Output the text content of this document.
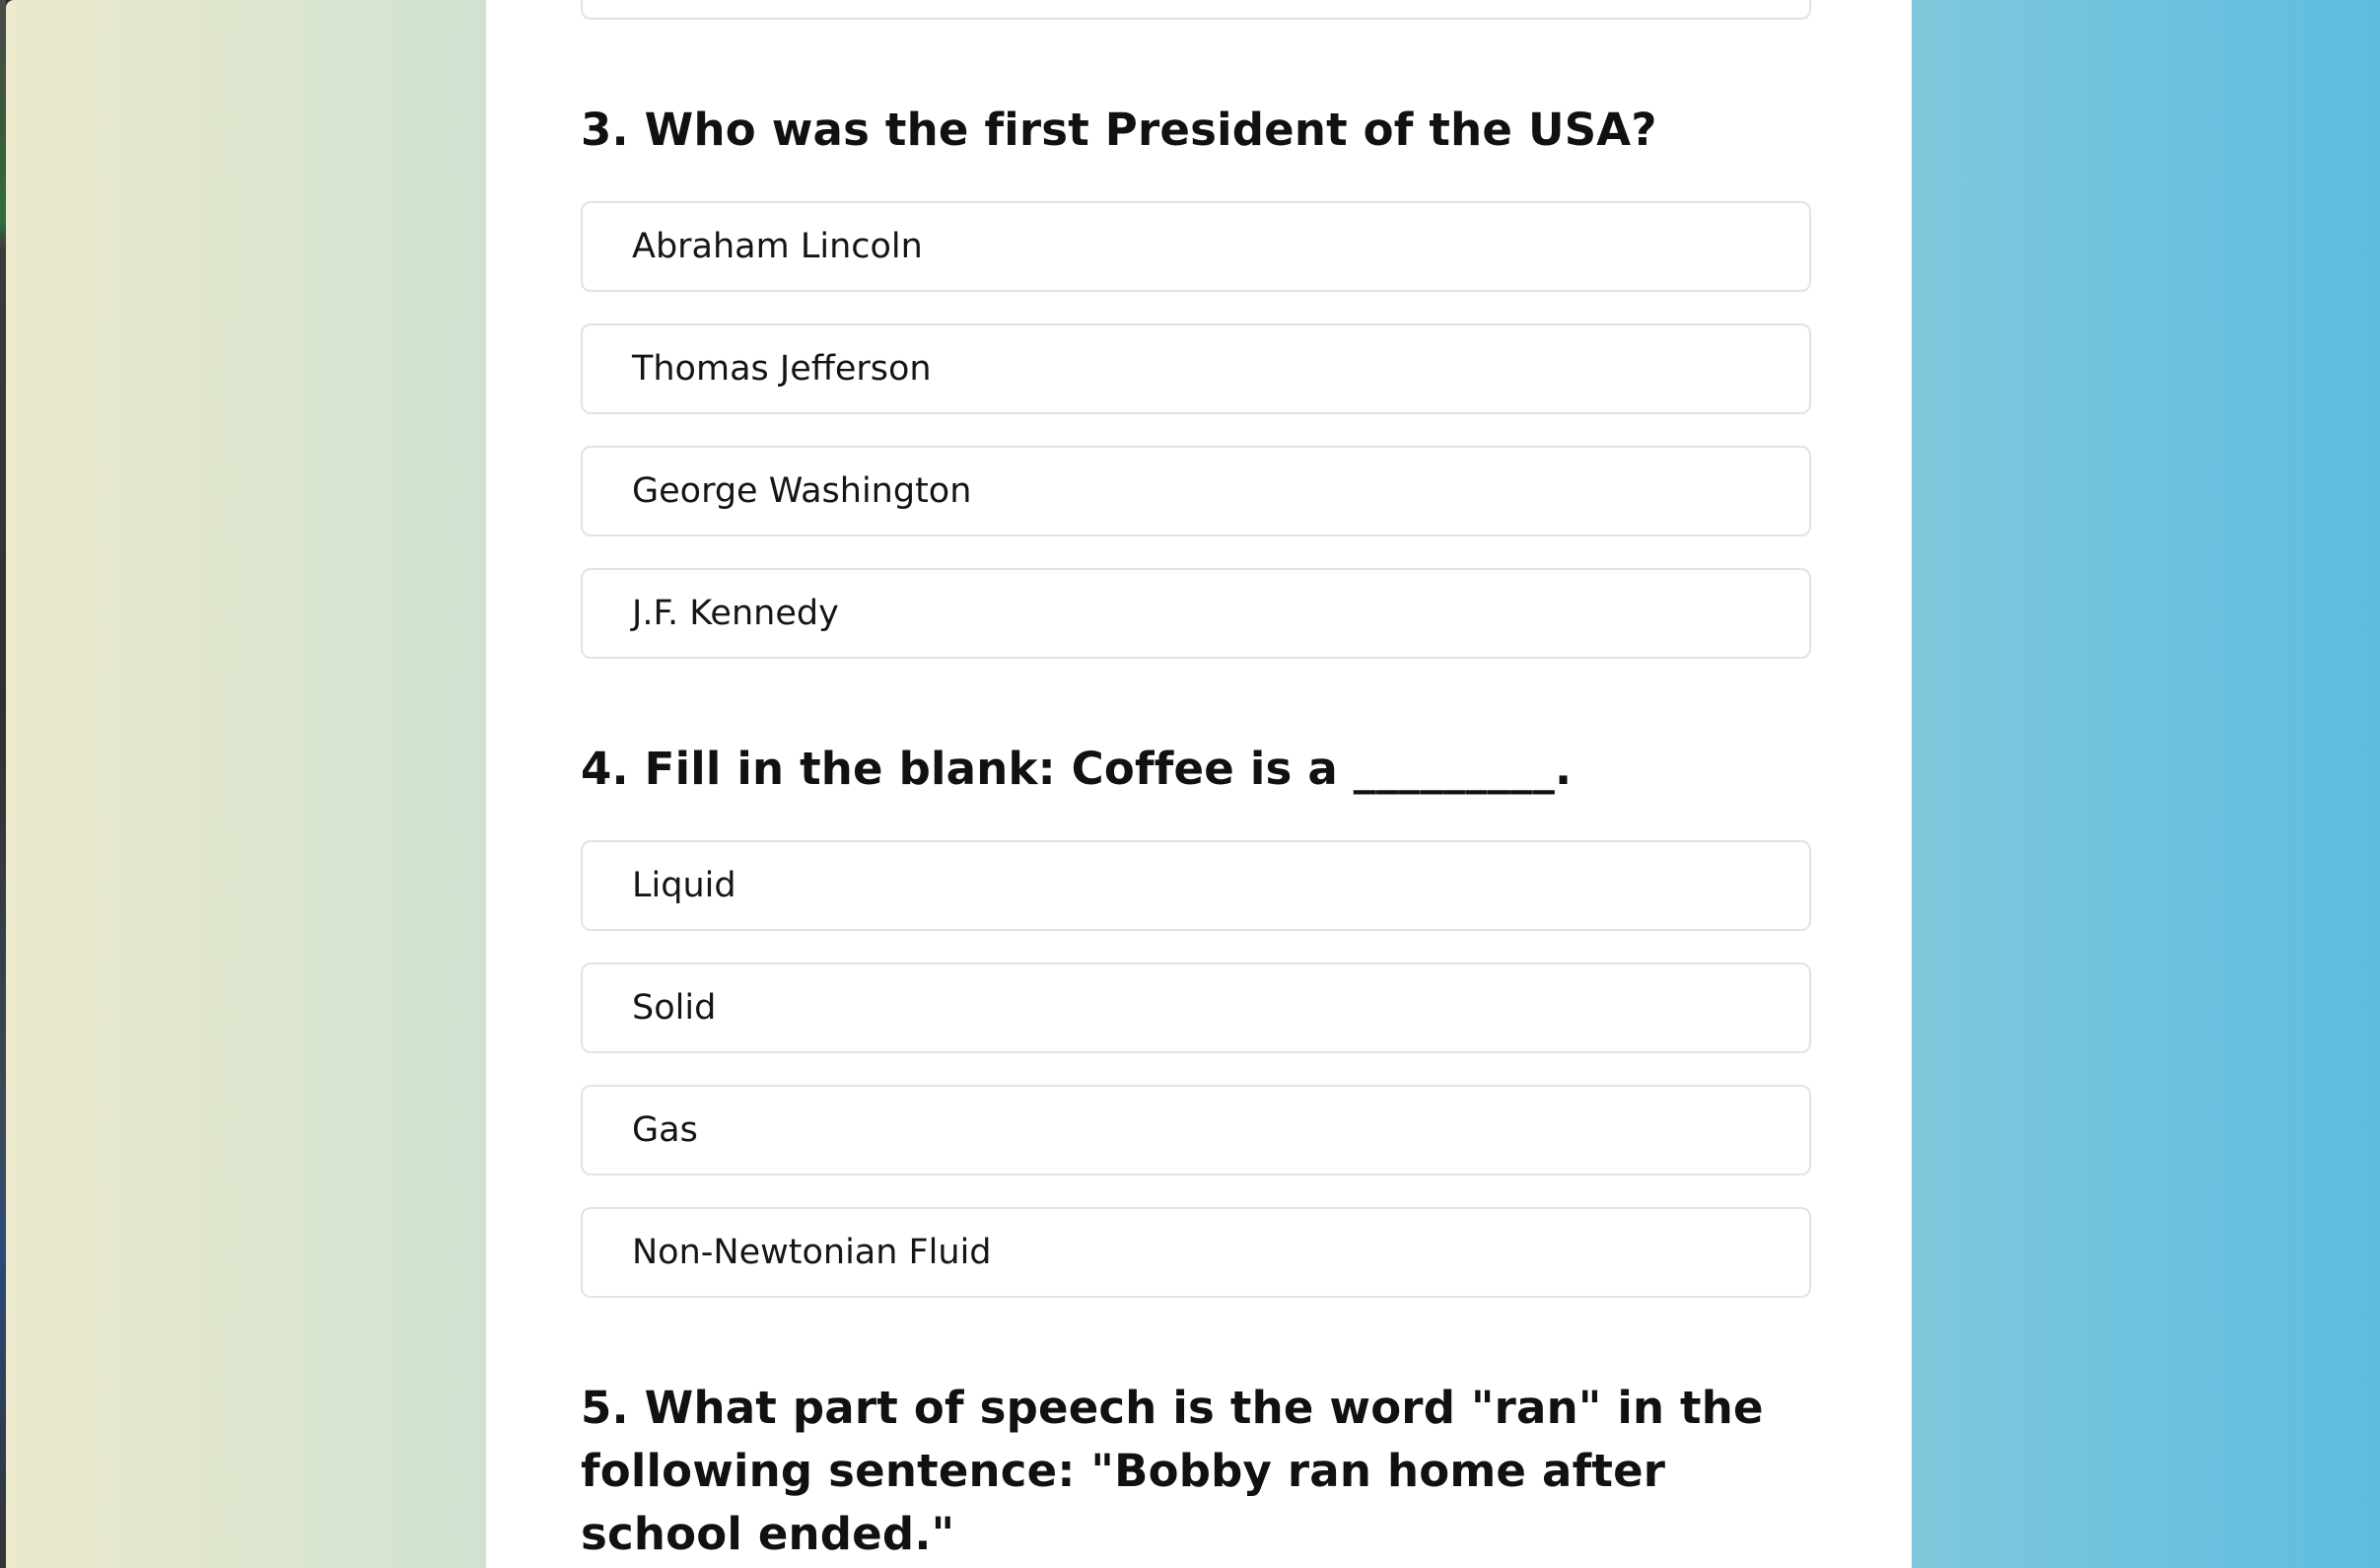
3. Who was the first President of the USA?
Abraham Lincoln
Thomas Jefferson
George Washington
J.F. Kennedy
4. Fill in the blank: Coffee is a _________.
Liquid
Solid
Gas
Non-Newtonian Fluid
5. What part of speech is the word "ran" in the following sentence: "Bobby ran home after school ended."
